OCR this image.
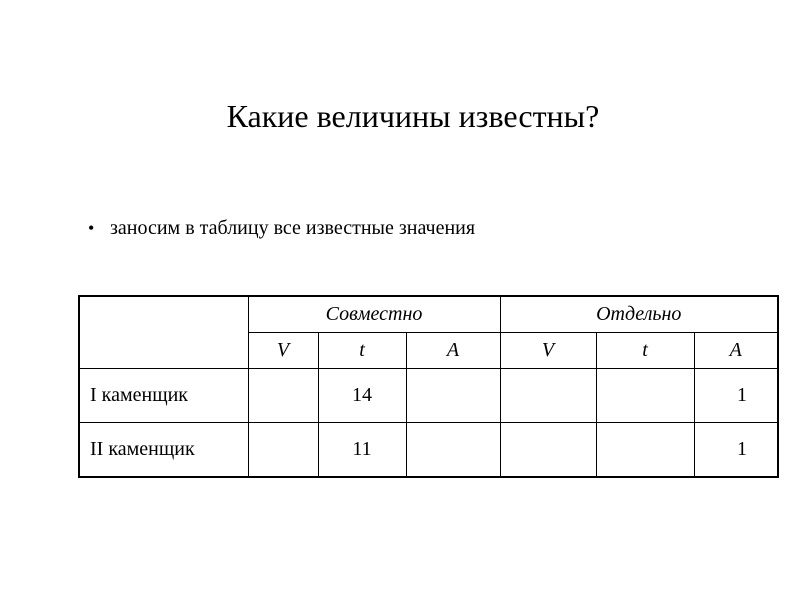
Какие величины известны?
• заносим в таблицу все известные значения
	Совместно			Отдельно		
	V	t	A	V	t	A
I каменщик		14				1
II каменщик		11				1
